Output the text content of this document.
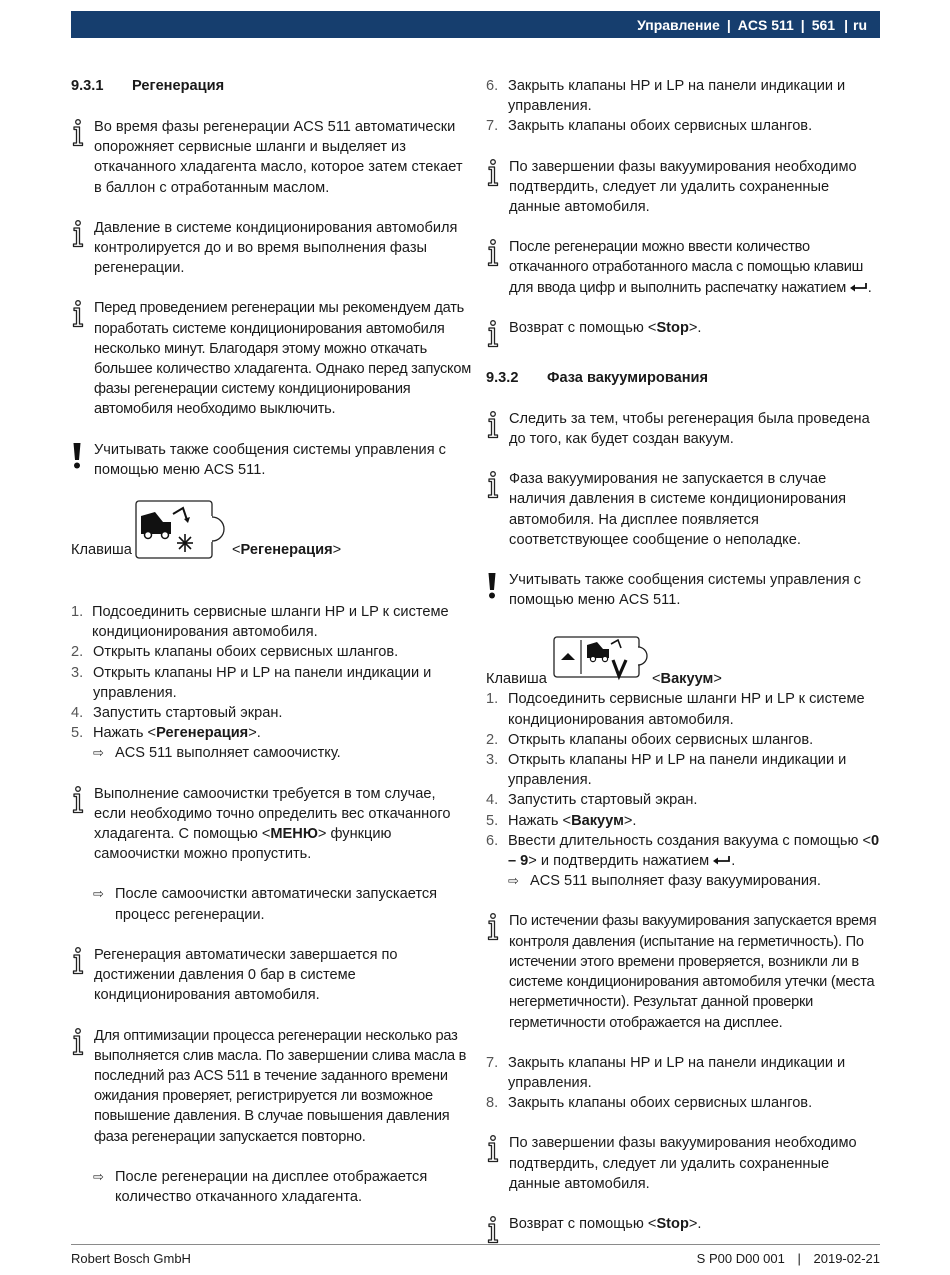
Управление | ACS 511 | 561 | ru
9.3.1	Регенерация
Во время фазы регенерации ACS 511 автоматически опорожняет сервисные шланги и выделяет из откачанного хладагента масло, которое затем стекает в баллон с отработанным маслом.
Давление в системе кондиционирования автомобиля контролируется до и во время выполнения фазы регенерации.
Перед проведением регенерации мы рекомендуем дать поработать системе кондиционирования автомобиля несколько минут. Благодаря этому можно откачать большее количество хладагента. Однако перед запуском фазы регенерации систему кондиционирования автомобиля необходимо выключить.
Учитывать также сообщения системы управления с помощью меню ACS 511.
Клавиша	<Регенерация>
1. Подсоединить сервисные шланги HP и LP к системе кондиционирования автомобиля.
2. Открыть клапаны обоих сервисных шлангов.
3. Открыть клапаны HP и LP на панели индикации и управления.
4. Запустить стартовый экран.
5. Нажать <Регенерация>.
⇨ ACS 511 выполняет самоочистку.
Выполнение самоочистки требуется в том случае, если необходимо точно определить вес откачанного хладагента. С помощью <МЕНЮ> функцию самоочистки можно пропустить.
⇨ После самоочистки автоматически запускается процесс регенерации.
Регенерация автоматически завершается по достижении давления 0 бар в системе кондиционирования автомобиля.
Для оптимизации процесса регенерации несколько раз выполняется слив масла. По завершении слива масла в последний раз ACS 511 в течение заданного времени ожидания проверяет, регистрируется ли возможное повышение давления. В случае повышения давления фаза регенерации запускается повторно.
⇨ После регенерации на дисплее отображается количество откачанного хладагента.
6. Закрыть клапаны HP и LP на панели индикации и управления.
7. Закрыть клапаны обоих сервисных шлангов.
По завершении фазы вакуумирования необходимо подтвердить, следует ли удалить сохраненные данные автомобиля.
После регенерации можно ввести количество откачанного отработанного масла с помощью клавиш для ввода цифр и выполнить распечатку нажатием .
Возврат с помощью <Stop>.
9.3.2	Фаза вакуумирования
Следить за тем, чтобы регенерация была проведена до того, как будет создан вакуум.
Фаза вакуумирования не запускается в случае наличия давления в системе кондиционирования автомобиля. На дисплее появляется соответствующее сообщение о неполадке.
Учитывать также сообщения системы управления с помощью меню ACS 511.
Клавиша	<Вакуум>
1. Подсоединить сервисные шланги HP и LP к системе кондиционирования автомобиля.
2. Открыть клапаны обоих сервисных шлангов.
3. Открыть клапаны HP и LP на панели индикации и управления.
4. Запустить стартовый экран.
5. Нажать <Вакуум>.
6. Ввести длительность создания вакуума с помощью <0 – 9> и подтвердить нажатием .
⇨ ACS 511 выполняет фазу вакуумирования.
По истечении фазы вакуумирования запускается время контроля давления (испытание на герметичность). По истечении этого времени проверяется, возникли ли в системе кондиционирования автомобиля утечки (места негерметичности). Результат данной проверки герметичности отображается на дисплее.
7. Закрыть клапаны HP и LP на панели индикации и управления.
8. Закрыть клапаны обоих сервисных шлангов.
По завершении фазы вакуумирования необходимо подтвердить, следует ли удалить сохраненные данные автомобиля.
Возврат с помощью <Stop>.
Robert Bosch GmbH	S P00 D00 001 | 2019-02-21
